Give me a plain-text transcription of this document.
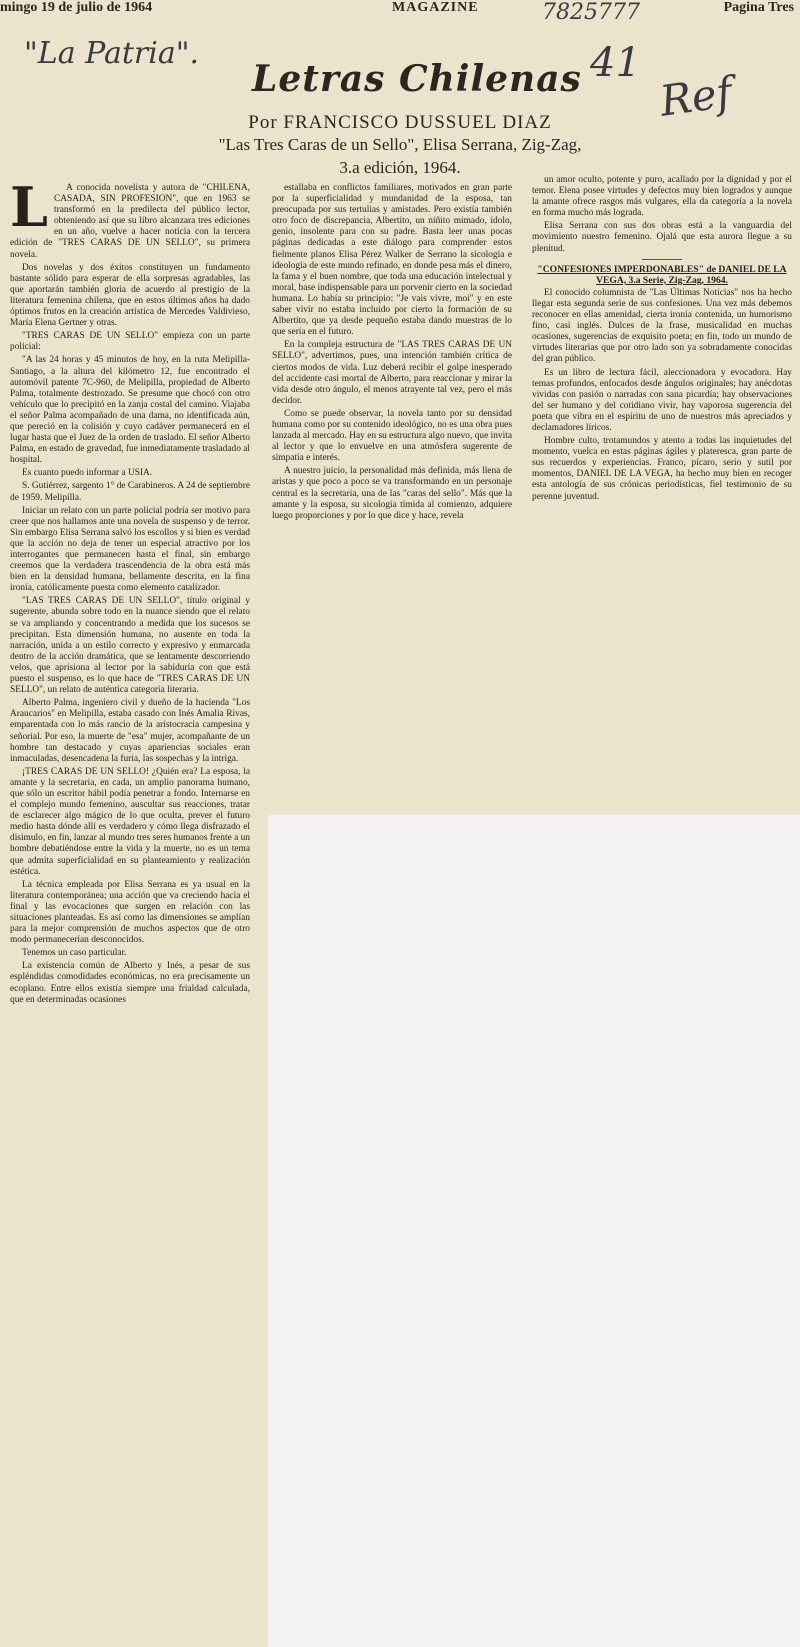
mingo 19 de julio de 1964	MAGAZINE	Pagina Tres
"La Patria".
7825777
41
Ref
Letras Chilenas
Por FRANCISCO DUSSUEL DIAZ
"Las Tres Caras de un Sello", Elisa Serrana, Zig-Zag,
3.a edición, 1964.
L	A conocida novelista y autora de "CHILENA, CASADA, SIN PROFESION", que en 1963 se transformó en la predilecta del público lector, obteniendo así que su libro alcanzara tres ediciones en un año, vuelve a hacer noticia con la tercera edición de "TRES CARAS DE UN SELLO", su primera novela.

Dos novelas y dos éxitos constituyen un fundamento bastante sólido para esperar de ella sorpresas agradables, las que aportarán también gloria de acuerdo al prestigio de la literatura femenina chilena, que en estos últimos años ha dado óptimos frutos en la creación artística de Mercedes Valdivieso, María Elena Gertner y otras.

"TRES CARAS DE UN SELLO" empieza con un parte policial:

"A las 24 horas y 45 minutos de hoy, en la ruta Melipilla-Santiago, a la altura del kilómetro 12, fue encontrado el automóvil patente 7C-960, de Melipilla, propiedad de Alberto Palma, totalmente destrozado. Se presume que chocó con otro vehículo que lo precipitó en la zanja costal del camino. Viajaba el señor Palma acompañado de una dama, no identificada aún, que pereció en la colisión y cuyo cadáver permanecerá en el lugar hasta que el Juez de la orden de traslado. El señor Alberto Palma, en estado de gravedad, fue inmediatamente trasladado al hospital.

Es cuanto puedo informar a USIA.

S. Gutiérrez, sargento 1° de Carabineros. A 24 de septiembre de 1959. Melipilla.

Iniciar un relato con un parte policial podría ser motivo para creer que nos hallamos ante una novela de suspenso y de terror. Sin embargo Elisa Serrana salvó los escollos y si bien es verdad que la acción no deja de tener un especial atractivo por los interrogantes que permanecen hasta el final, sin embargo creemos que la verdadera trascendencia de la obra está más bien en la densidad humana, bellamente descrita, en la fina ironía, católicamente puesta como elemento catalizador.

"LAS TRES CARAS DE UN SELLO", título original y sugerente, abunda sobre todo en la nuance siendo que el relato se va ampliando y concentrando a medida que los sucesos se precipitan. Esta dimensión humana, no ausente en toda la narración, unida a un estilo correcto y expresivo y enmarcada dentro de la acción dramática, que se lentamente descorriendo velos, que aprisiona al lector por la sabiduría con que está puesto el suspenso, es lo que hace de "TRES CARAS DE UN SELLO", un relato de auténtica categoría literaria.

Alberto Palma, ingeniero civil y dueño de la hacienda "Los Araucarios" en Melipilla, estaba casado con Inés Amalia Rivas, emparentada con lo más rancio de la aristocracia campesina y señorial. Por eso, la muerte de "esa" mujer, acompañante de un hombre tan destacado y cuyas apariencias sociales eran inmaculadas, desencadena la furia, las sospechas y la intriga.

¡TRES CARAS DE UN SELLO! ¿Quién era? La esposa, la amante y la secretaria, en cada, un amplio panorama humano, que sólo un escritor hábil podía penetrar a fondo. Internarse en el complejo mundo femenino, auscultar sus reacciones, tratar de esclarecer algo mágico de lo que oculta, prever el futuro medio hasta dónde allí es verdadero y cómo llega disfrazado el disimulo, en fin, lanzar al mundo tres seres humanos frente a un hombre debatiéndose entre la vida y la muerte, no es un tema que admita superficialidad en su planteamiento y realización estética.

La técnica empleada por Elisa Serrana es ya usual en la literatura contemporánea; una acción que va creciendo hacia el final y las evocaciones que surgen en relación con las situaciones planteadas. Es así como las dimensiones se amplían para la mejor comprensión de muchos aspectos que de otro modo permanecerían desconocidos.

Tenemos un caso particular.

La existencia común de Alberto y Inés, a pesar de sus espléndidas comodidades económicas, no era precisamente un ecoplano. Entre ellos existía siempre una frialdad calculada, que en determinadas ocasiones

estallaba en conflictos familiares, motivados en gran parte por la superficialidad y mundanidad de la esposa, tan preocupada por sus tertulias y amistades. Pero existía también otro foco de discrepancia, Albertito, un niñito mimado, ídolo, genio, insolente para con su padre. Basta leer unas pocas páginas dedicadas a este diálogo para comprender estos fielmente planos Elisa Pérez Walker de Serrano la sicología e ideología de este mundo refinado, en donde pesa más el dinero, la fama y el buen nombre, que toda una educación intelectual y moral, base indispensable para un porvenir cierto en la sociedad humana. Lo había su principio: "Je vais vivre, moi" y en este saber vivir no estaba incluido por cierto la formación de su Albertito, que ya desde pequeño estaba dando muestras de lo que sería en el futuro.

En la compleja estructura de "LAS TRES CARAS DE UN SELLO", advertimos, pues, una intención también crítica de ciertos modos de vida. Luz deberá recibir el golpe inesperado del accidente casi mortal de Alberto, para reaccionar y mirar la vida desde otro ángulo, el menos atrayente tal vez, pero el más decidor.

Como se puede observar, la novela tanto por su densidad humana como por su contenido ideológico, no es una obra pues lanzada al mercado. Hay en su estructura algo nuevo, que invita al lector y que lo envuelve en una atmósfera sugerente de simpatía e interés.

A nuestro juicio, la personalidad más definida, más llena de aristas y que poco a poco se va transformando en un personaje central es la secretaria, una de las "caras del sello". Más que la amante y la esposa, su sicología tímida al comienzo, adquiere luego proporciones y por lo que dice y hace, revela

un amor oculto, potente y puro, acallado por la dignidad y por el temor. Elena posee virtudes y defectos muy bien logrados y aunque la amante ofrece rasgos más vulgares, ella da categoría a la novela en forma mucho más lograda.

Elisa Serrana con sus dos obras está a la vanguardia del movimiento nuestro femenino. Ojalá que esta aurora llegue a su plenitud.

"CONFESIONES IMPERDONABLES" de DANIEL DE LA VEGA, 3.a Serie, Zig-Zag, 1964.

El conocido columnista de "Las Últimas Noticias" nos ha hecho llegar esta segunda serie de sus confesiones. Una vez más debemos reconocer en ellas amenidad, cierta ironía contenida, un humorismo fino, casi inglés. Dulces de la frase, musicalidad en muchas ocasiones, sugerencias de exquisito poeta; en fin, todo un mundo de virtudes literarias que por otro lado son ya sobradamente conocidas del gran público.

Es un libro de lectura fácil, aleccionadora y evocadora. Hay temas profundos, enfocados desde ángulos originales; hay anécdotas vividas con pasión o narradas con sana picardía; hay observaciones del ser humano y del cotidiano vivir, hay vaporosa sugerencia del poeta que vibra en el espíritu de uno de nuestros más apreciados y declamadores líricos.

Hombre culto, trotamundos y atento a todas las inquietudes del momento, vuelca en estas páginas ágiles y plateresca, gran parte de sus recuerdos y experiencias. Franco, pícaro, serio y sutil por momentos, DANIEL DE LA VEGA, ha hecho muy bien en recoger esta antología de sus crónicas periodísticas, fiel testimonio de su perenne juventud.
